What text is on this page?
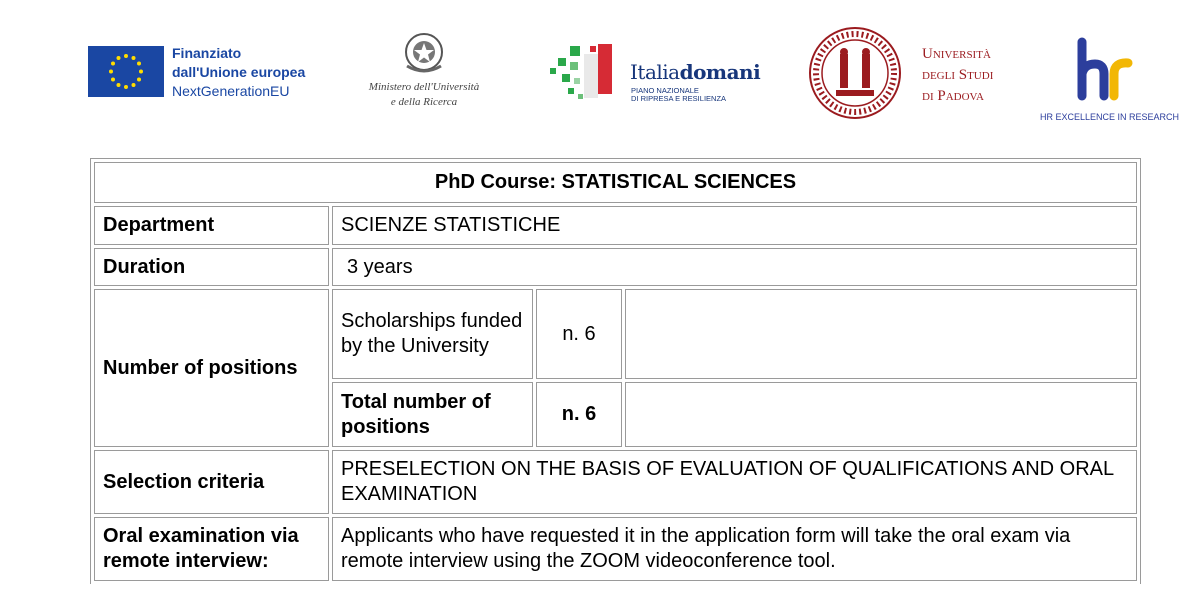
Finanziato
dall'Unione europea
NextGenerationEU	Ministero dell'Università
e della Ricerca
Italiadomani
PIANO NAZIONALE
DI RIPRESA E RESILIENZA
Università
degli Studi
di Padova
HR EXCELLENCE IN RESEARCH
PhD Course: STATISTICAL SCIENCES			
Department	SCIENZE STATISTICHE		
Duration	3 years		
Number of positions	Scholarships funded by the University	n. 6	
	Total number of positions	n. 6	
Selection criteria	PRESELECTION ON THE BASIS OF EVALUATION OF QUALIFICATIONS AND ORAL EXAMINATION		
Oral examination via remote interview:	Applicants who have requested it in the application form will take the oral exam via remote interview using the ZOOM videoconference tool.		
